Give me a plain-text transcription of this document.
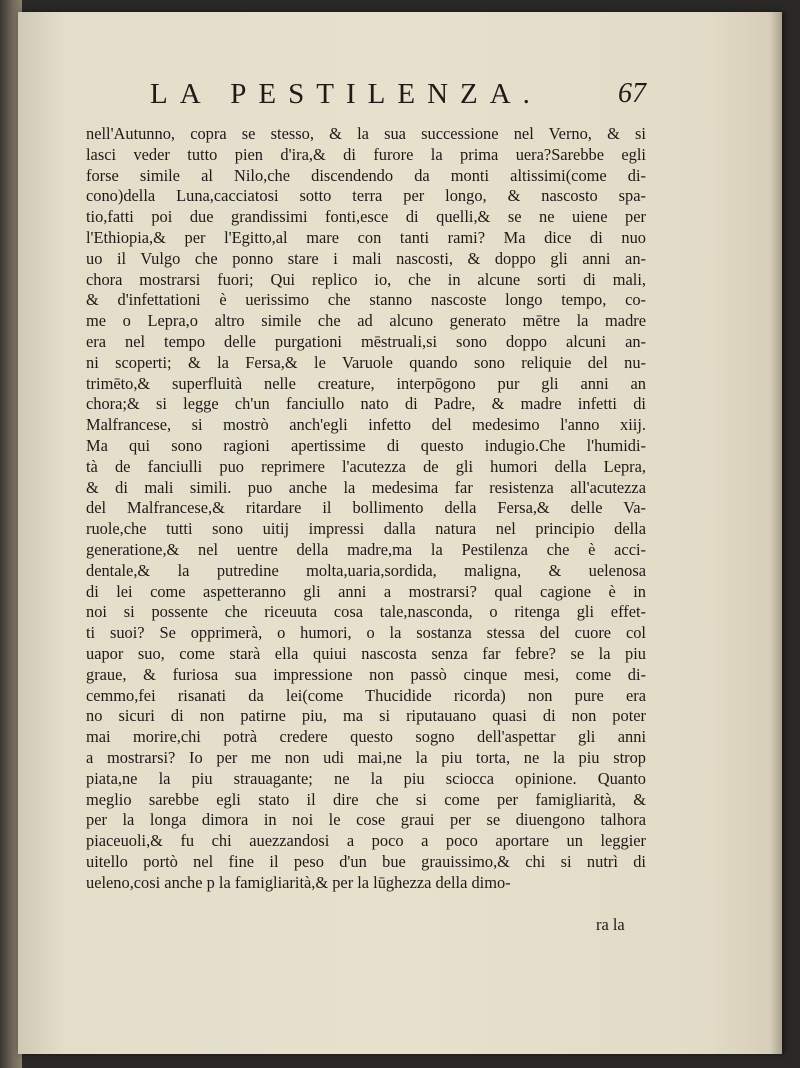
LA PESTILENZA.	67
nell'Autunno, copra se stesso, & la sua successione nel Verno, & si
lasci veder tutto pien d'ira,& di furore la prima uera?Sarebbe egli
forse simile al Nilo,che discendendo da monti altissimi(come di-
cono)della Luna,cacciatosi sotto terra per longo, & nascosto spa-
tio,fatti poi due grandissimi fonti,esce di quelli,& se ne uiene per
l'Ethiopia,& per l'Egitto,al mare con tanti rami? Ma dice di nuo
uo il Vulgo che ponno stare i mali nascosti, & doppo gli anni an-
chora mostrarsi fuori; Qui replico io, che in alcune sorti di mali,
& d'infettationi è uerissimo che stanno nascoste longo tempo, co-
me o Lepra,o altro simile che ad alcuno generato mētre la madre
era nel tempo delle purgationi mēstruali,si sono doppo alcuni an-
ni scoperti; & la Fersa,& le Varuole quando sono reliquie del nu-
trimēto,& superfluità nelle creature, interpōgono pur gli anni an
chora;& si legge ch'un fanciullo nato di Padre, & madre infetti di
Malfrancese, si mostrò anch'egli infetto del medesimo l'anno xiij.
Ma qui sono ragioni apertissime di questo indugio.Che l'humidi-
tà de fanciulli puo reprimere l'acutezza de gli humori della Lepra,
& di mali simili. puo anche la medesima far resistenza all'acutezza
del Malfrancese,& ritardare il bollimento della Fersa,& delle Va-
ruole,che tutti sono uitij impressi dalla natura nel principio della
generatione,& nel uentre della madre,ma la Pestilenza che è acci-
dentale,& la putredine molta,uaria,sordida, maligna, & uelenosa
di lei come aspetteranno gli anni a mostrarsi? qual cagione è in
noi si possente che riceuuta cosa tale,nasconda, o ritenga gli effet-
ti suoi? Se opprimerà, o humori, o la sostanza stessa del cuore col
uapor suo, come starà ella quiui nascosta senza far febre? se la piu
graue, & furiosa sua impressione non passò cinque mesi, come di-
cemmo,fei risanati da lei(come Thucidide ricorda) non pure era
no sicuri di non patirne piu, ma si riputauano quasi di non poter
mai morire,chi potrà credere questo sogno dell'aspettar gli anni
a mostrarsi? Io per me non udi mai,ne la piu torta, ne la piu strop
piata,ne la piu strauagante; ne la piu sciocca opinione. Quanto
meglio sarebbe egli stato il dire che si come per famigliarità, &
per la longa dimora in noi le cose graui per se diuengono talhora
piaceuoli,& fu chi auezzandosi a poco a poco aportare un leggier
uitello portò nel fine il peso d'un bue grauissimo,& chi si nutrì di
ueleno,cosi anche p la famigliarità,& per la lūghezza della dimo-
ra la
